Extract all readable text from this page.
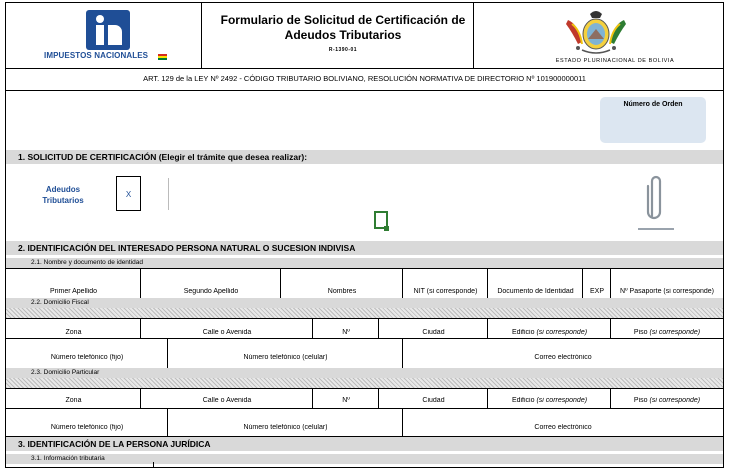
IMPUESTOS NACIONALES
Formulario de Solicitud de Certificación de Adeudos Tributarios
R-1390-01
ESTADO PLURINACIONAL DE BOLIVIA
ART. 129 de la LEY Nº 2492 - CÓDIGO TRIBUTARIO BOLIVIANO, RESOLUCIÓN NORMATIVA DE DIRECTORIO Nº 101900000011
Número de Orden
1. SOLICITUD DE CERTIFICACIÓN (Elegir el trámite que desea realizar):
Adeudos Tributarios
X
2. IDENTIFICACIÓN DEL INTERESADO PERSONA NATURAL O SUCESION INDIVISA
2.1. Nombre y documento de identidad
Primer Apellido	Segundo Apellido	Nombres	NIT (si corresponde)	Documento de Identidad	EXP	Nº Pasaporte (si corresponde)
2.2. Domicilio Fiscal
Zona	Calle o Avenida	Nº	Ciudad	Edificio (si corresponde)	Piso (si corresponde)
Número telefónico (fijo)	Número telefónico (celular)	Correo electrónico
2.3. Domicilio Particular
Zona	Calle o Avenida	Nº	Ciudad	Edificio (si corresponde)	Piso (si corresponde)
Número telefónico (fijo)	Número telefónico (celular)	Correo electrónico
3. IDENTIFICACIÓN DE LA PERSONA JURÍDICA
3.1. Información tributaria
